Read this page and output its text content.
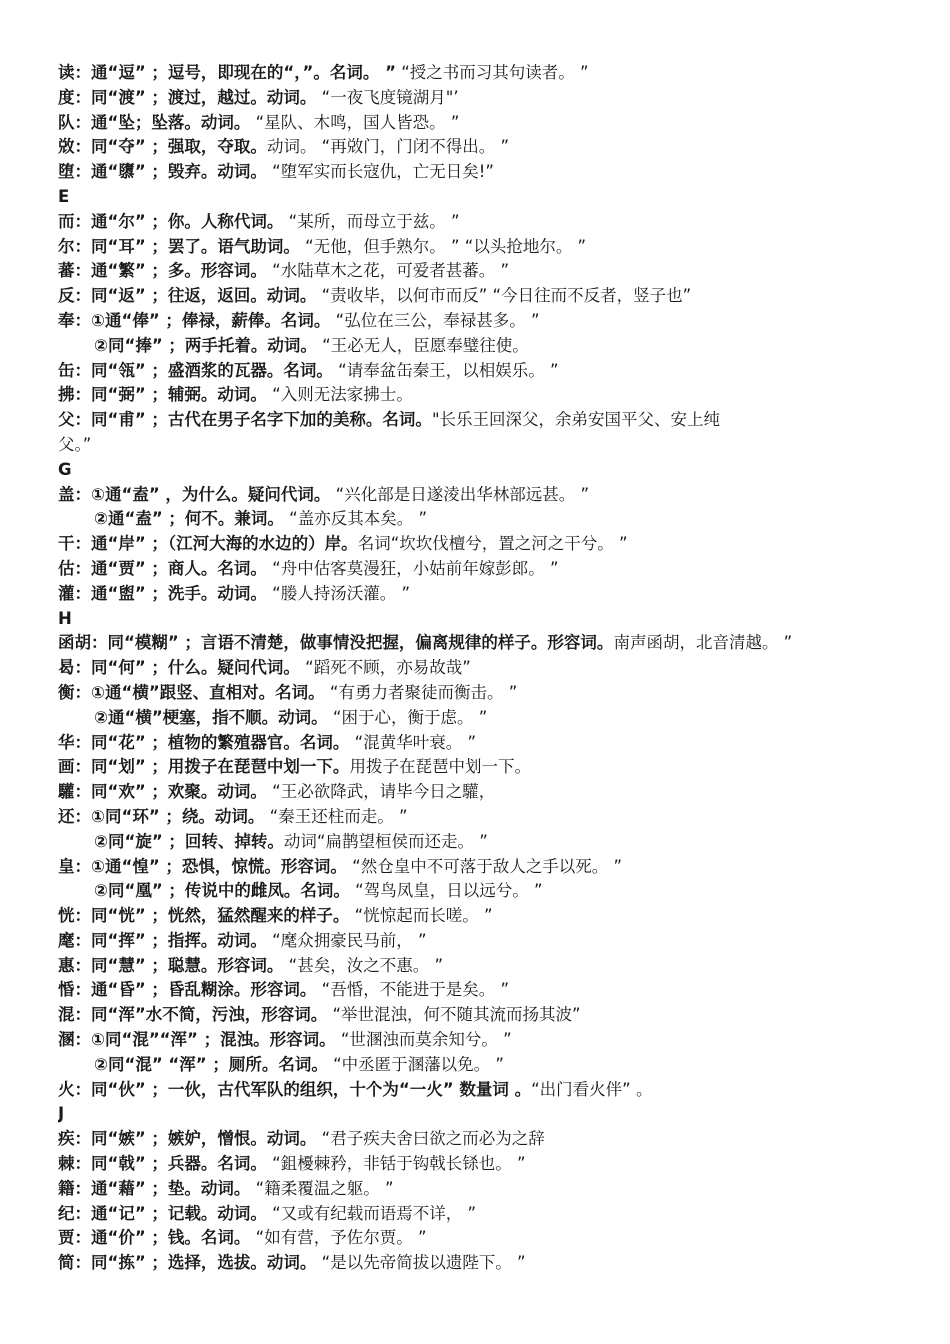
读：通“逗” ；逗号，即现在的“，”。名词。 ” “授之书而习其句读者。 ”
度：同“渡” ；渡过，越过。动词。 “一夜飞度镜湖月"’
队：通“坠；坠落。动词。 “星队、木鸣，国人皆恐。 ”
敚：同“夺” ；强取，夺取。动词。 “再敚门，门闭不得出。 ”
堕：通“隳” ；毁弃。动词。 “堕军实而长寇仇，亡无日矣!”
E
而：通“尔” ；你。人称代词。 “某所，而母立于兹。 ”
尔：同“耳” ；罢了。语气助词。 “无他，但手熟尔。 ” “以头抢地尔。 ”
蕃：通“繁” ；多。形容词。 “水陆草木之花，可爱者甚蕃。 ”
反：同“返” ；往返，返回。动词。 “责收毕，以何市而反” “今日往而不反者，竖子也”
奉：①通“俸” ；俸禄，薪俸。名词。 “弘位在三公，奉禄甚多。 ”
②同“捧” ；两手托着。动词。 “王必无人，臣愿奉璧往使。
缶：同“瓴” ；盛酒浆的瓦器。名词。 “请奉盆缶秦王，以相娱乐。 ”
拂：同“弼” ；辅弼。动词。 “入则无法家拂士。
父：同“甫” ；古代在男子名字下加的美称。名词。"长乐王回深父，余弟安国平父、安上纯
父。”
G
盖：①通“盍” ，为什么。疑问代词。 “兴化部是日遂淩出华林部远甚。 ”
②通“盍” ；何不。兼词。 “盖亦反其本矣。 ”
干：通“岸” ；（江河大海的水边的）岸。名词“坎坎伐檀兮，置之河之干兮。 ”
估：通“贾” ；商人。名词。 “舟中估客莫漫狂，小姑前年嫁彭郎。 ”
灌：通“盥” ；洗手。动词。 “媵人持汤沃灌。 ”
H
函胡：同“模糊” ；言语不清楚，做事情没把握，偏离规律的样子。形容词。南声函胡，北音清越。 ”
曷：同“何” ；什么。疑问代词。 “蹈死不顾，亦易故哉”
衡：①通“横”跟竖、直相对。名词。 “有勇力者聚徒而衡击。 ”
②通“横”梗塞，指不顺。动词。 “困于心，衡于虑。 ”
华：同“花” ；植物的繁殖器官。名词。 “混黄华叶衰。 ”
画：同“划” ；用拨子在琵琶中划一下。用拨子在琵琶中划一下。
驩：同“欢” ；欢聚。动词。 “王必欲降武，请毕今日之驩，
还：①同“环” ；绕。动词。 “秦王还柱而走。 ”
②同“旋” ；回转、掉转。动词“扁鹊望桓侯而还走。 ”
皇：①通“惶” ；恐惧，惊慌。形容词。 “然仓皇中不可落于敌人之手以死。 ”
②同“凰” ；传说中的雌凤。名词。 “驾鸟凤皇，日以远兮。 ”
恍：同“恍” ；恍然，猛然醒来的样子。 “恍惊起而长嗟。 ”
麾：同“挥” ；指挥。动词。 “麾众拥豪民马前， ”
惠：同“慧” ；聪慧。形容词。 “甚矣，汝之不惠。 ”
惛：通“昏” ；昏乱糊涂。形容词。 “吾惛，不能进于是矣。 ”
混：同“浑”水不简，污浊，形容词。 “举世混浊，何不随其流而扬其波”
溷：①同“混”“浑” ；混浊。形容词。 “世溷浊而莫余知兮。 ”
②同“混” “浑” ；厕所。名词。 “中丞匿于溷藩以免。 ”
火：同“伙” ；一伙，古代军队的组织，十个为“一火” 数量词 。“出门看火伴” 。
J
疾：同“嫉” ；嫉妒，憎恨。动词。 “君子疾夫舍曰欲之而必为之辞
棘：同“戟” ；兵器。名词。 “鉏櫌棘矜，非铦于钩戟长铩也。 ”
籍：通“藉” ；垫。动词。 “籍柔覆温之躯。 ”
纪：通“记” ；记载。动词。 “又或有纪载而语焉不详， ”
贾：通“价” ；钱。名词。 “如有营，予佐尔贾。 ”
简：同“拣” ；选择，选拔。动词。 “是以先帝简拔以遗陛下。 ”
